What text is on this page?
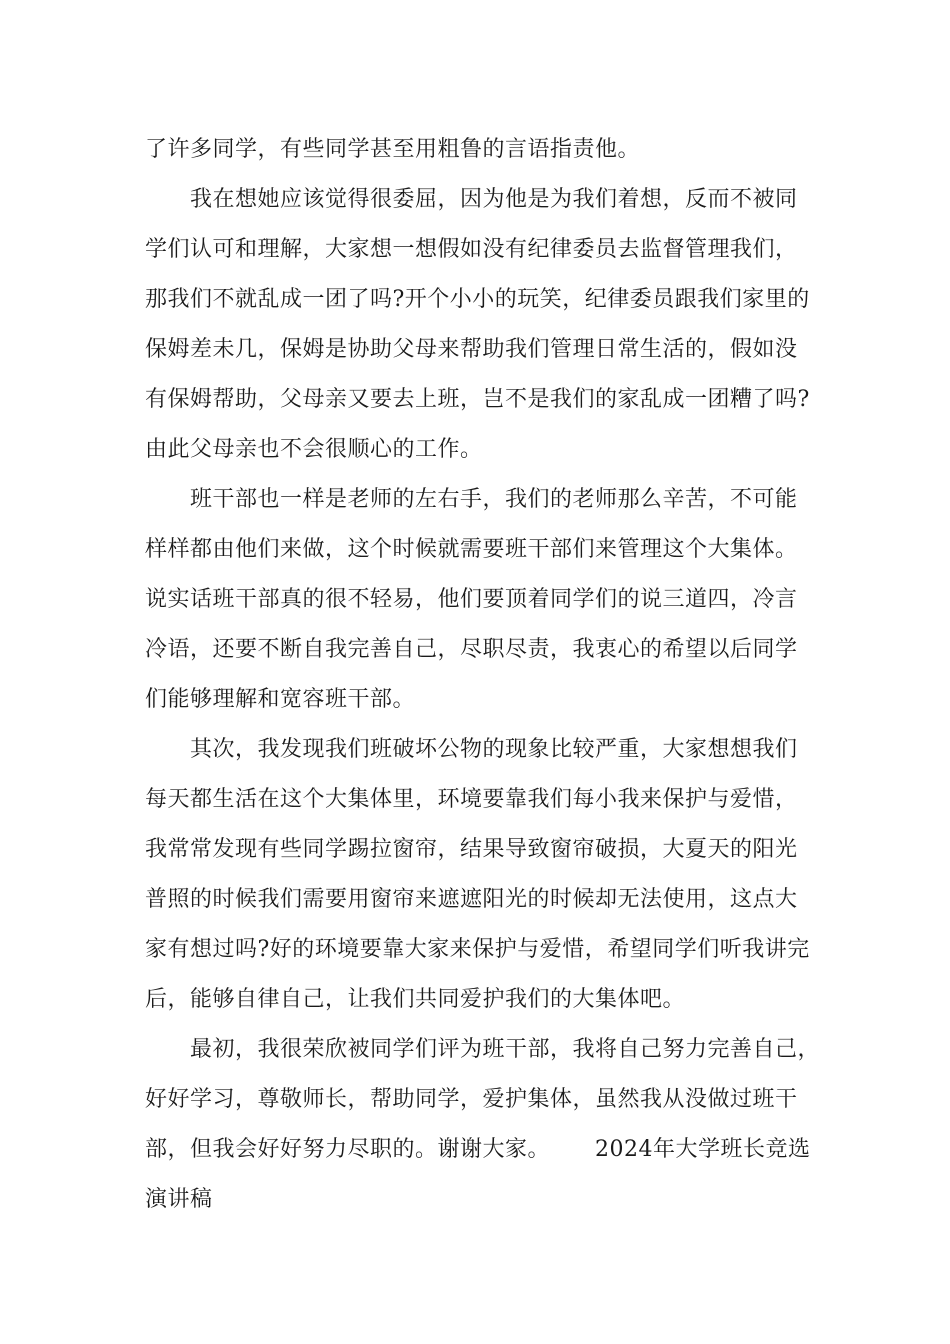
了许多同学，有些同学甚至用粗鲁的言语指责他。
我在想她应该觉得很委屈，因为他是为我们着想，反而不被同
学们认可和理解，大家想一想假如没有纪律委员去监督管理我们，
那我们不就乱成一团了吗?开个小小的玩笑，纪律委员跟我们家里的
保姆差未几，保姆是协助父母来帮助我们管理日常生活的，假如没
有保姆帮助，父母亲又要去上班，岂不是我们的家乱成一团糟了吗?
由此父母亲也不会很顺心的工作。
班干部也一样是老师的左右手，我们的老师那么辛苦，不可能
样样都由他们来做，这个时候就需要班干部们来管理这个大集体。
说实话班干部真的很不轻易，他们要顶着同学们的说三道四，冷言
冷语，还要不断自我完善自己，尽职尽责，我衷心的希望以后同学
们能够理解和宽容班干部。
其次，我发现我们班破坏公物的现象比较严重，大家想想我们
每天都生活在这个大集体里，环境要靠我们每小我来保护与爱惜，
我常常发现有些同学踢拉窗帘，结果导致窗帘破损，大夏天的阳光
普照的时候我们需要用窗帘来遮遮阳光的时候却无法使用，这点大
家有想过吗?好的环境要靠大家来保护与爱惜，希望同学们听我讲完
后，能够自律自己，让我们共同爱护我们的大集体吧。
最初，我很荣欣被同学们评为班干部，我将自己努力完善自己，
好好学习，尊敬师长，帮助同学，爱护集体，虽然我从没做过班干
部，但我会好好努力尽职的。谢谢大家。      2024年大学班长竞选
演讲稿
